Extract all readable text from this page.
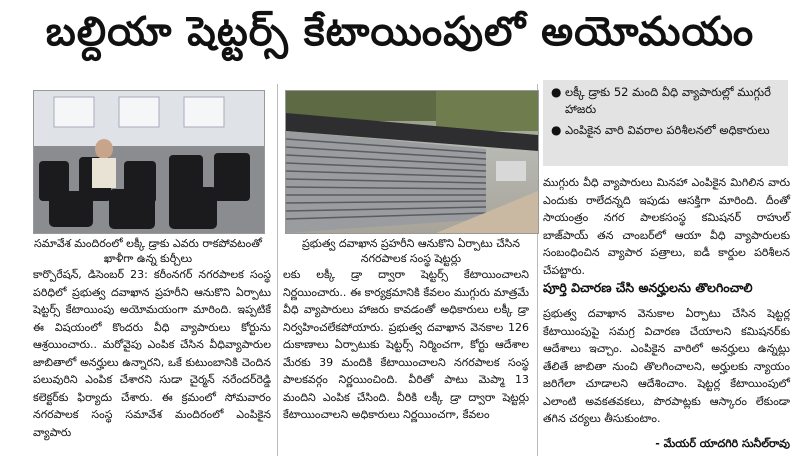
బల్దియా షెట్టర్స్ కేటాయింపులో అయోమయం
సమావేశ మందిరంలో లక్కీ డ్రాకు ఎవరు రాకపోవటంతో ఖాళీగా ఉన్న కుర్చీలు
ప్రభుత్వ దవాఖాన ప్రహరీని ఆనుకొని ఏర్పాటు చేసిన నగరపాలక సంస్థ షెట్టర్లు
● లక్కీ డ్రాకు 52 మంది వీధి వ్యాపారుల్లో ముగ్గురే హాజరు
● ఎంపికైన వారి వివరాల పరిశీలనలో అధికారులు
కార్పొరేషన్, డిసెంబర్ 23: కరీంనగర్ నగరపాలక సంస్థ పరిధిలో ప్రభుత్వ దవాఖాన ప్రహరీని ఆనుకొని ఏర్పాటు షెట్టర్స్ కేటాయింపు అయోమయంగా మారింది. ఇప్పటికే ఈ విషయంలో కొందరు వీధి వ్యాపారులు కోర్టును ఆశ్రయించారు.. మరోవైపు ఎంపిక చేసిన వీధివ్యాపారుల జాబితాలో అనర్హులు ఉన్నారని, ఒకే కుటుంబానికి చెందిన పలువురిని ఎంపిక చేశారని సుడా చైర్మన్ నరేందర్‌రెడ్డి కలెక్టర్‌కు ఫిర్యాదు చేశారు. ఈ క్రమంలో సోమవారం నగరపాలక సంస్థ సమావేశ మందిరంలో ఎంపికైన వ్యాపారు
లకు లక్కీ డ్రా ద్వారా షెట్టర్స్ కేటాయించాలని నిర్ణయించారు.. ఈ కార్యక్రమానికి కేవలం ముగ్గురు మాత్రమే వీధి వ్యాపారులు హాజరు కావడంతో అధికారులు లక్కీ డ్రా నిర్వహించలేకపోయారు. ప్రభుత్వ దవాఖాన వెనకాల 126 దుకాణాలు ఏర్పాటుకు షెట్టర్స్ నిర్మించగా, కోర్టు ఆదేశాల మేరకు 39 మందికి కేటాయించాలని నగరపాలక సంస్థ పాలకవర్గం నిర్ణయించింది. వీరితో పాటు మెప్మా 13 మందిని ఎంపిక చేసింది. వీరికి లక్కీ డ్రా ద్వారా షెట్టర్లు కేటాయించాలని అధికారులు నిర్ణయించగా, కేవలం
ముగ్గురు వీధి వ్యాపారులు మినహా ఎంపికైన మిగిలిన వారు ఎందుకు రాలేదన్నది ఇపుడు ఆసక్తిగా మారింది. దీంతో సాయంత్రం నగర పాలకసంస్థ కమిషనర్ రాహుల్ బాజ్‌పాయ్ తన చాంబర్‌లో ఆయా వీధి వ్యాపారులకు సంబంధించిన వ్యాపార పత్రాలు, ఐడీ కార్డుల పరిశీలన చేపట్టారు.
పూర్తి విచారణ చేసి అనర్హులను తొలగించాలి
ప్రభుత్వ దవాఖాన వెనుకాల ఏర్పాటు చేసిన షెట్టర్ల కేటాయింపుపై సమగ్ర విచారణ చేయాలని కమిషనర్‌కు ఆదేశాలు ఇచ్చాం. ఎంపికైన వారిలో అనర్హులు ఉన్నట్లు తేలితే జాబితా నుంచి తొలగించాలని, అర్హులకు న్యాయం జరిగేలా చూడాలని ఆదేశించాం. షెట్టర్ల కేటాయింపులో ఎలాంటి అవకతవకలు, పొరపాట్లకు ఆస్కారం లేకుండా తగిన చర్యలు తీసుకుంటాం.
- మేయర్ యాదగిరి సునీల్‌రావు
